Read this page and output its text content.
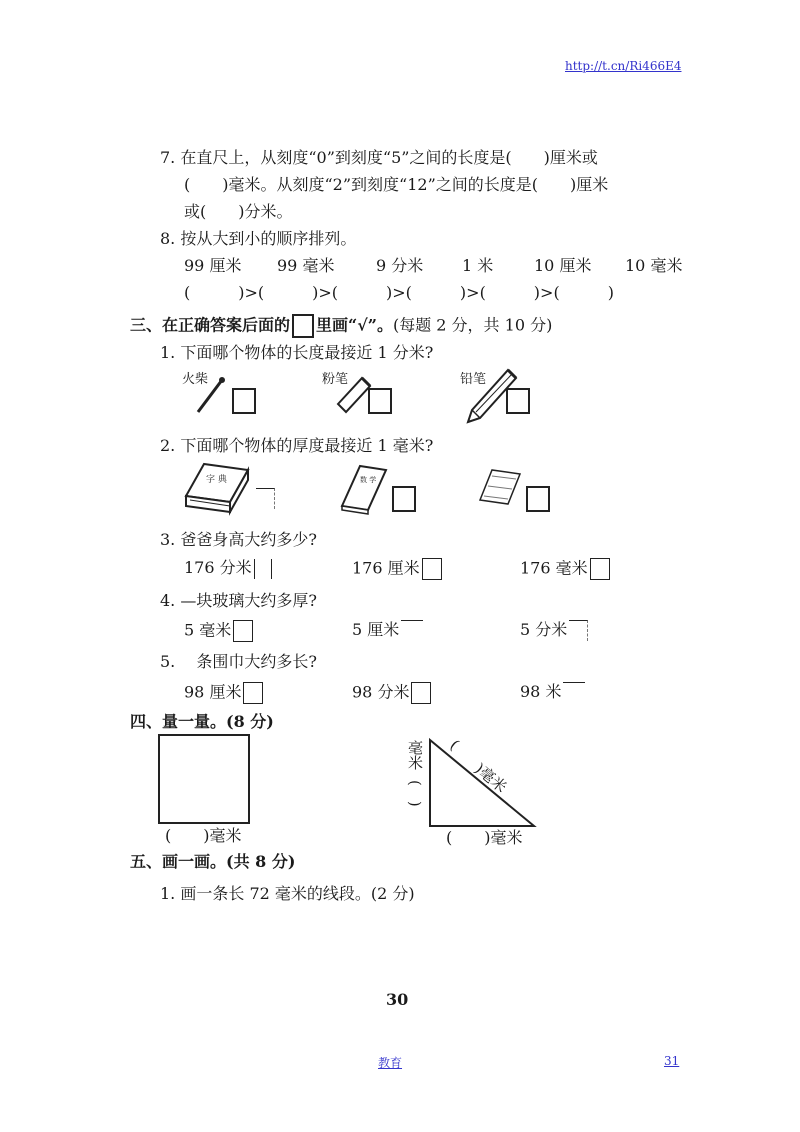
http://t.cn/Ri466E4
7. 在直尺上，从刻度“0”到刻度“5”之间的长度是(　　)厘米或
(　　)毫米。从刻度“2”到刻度“12”之间的长度是(　　)厘米
或(　　)分米。
8. 按从大到小的顺序排列。
99 厘米 99 毫米	9 分米 1 米	10 厘米 10 毫米
(　　　)>(　　　)>(　　　)>(　　　)>(　　　)>(　　　)
三、在正确答案后面的 里画“√”。(每题 2 分，共 10 分)
1. 下面哪个物体的长度最接近 1 分米?
火柴	粉笔	铅笔
2. 下面哪个物体的厚度最接近 1 毫米?
字 典	数 学
3. 爸爸身高大约多少?
176 分米	176 厘米	176 毫米
4. —块玻璃大约多厚?
5 毫米	5 厘米	5 分米
5. 　条围巾大约多长?
98 厘米	98 分米	98 米
四、量一量。(8 分)
(　　)毫米
毫米
(　)
(
)毫米
(　　)毫米
五、画一画。(共 8 分)
1. 画一条长 72 毫米的线段。(2 分)
30
教育	31
